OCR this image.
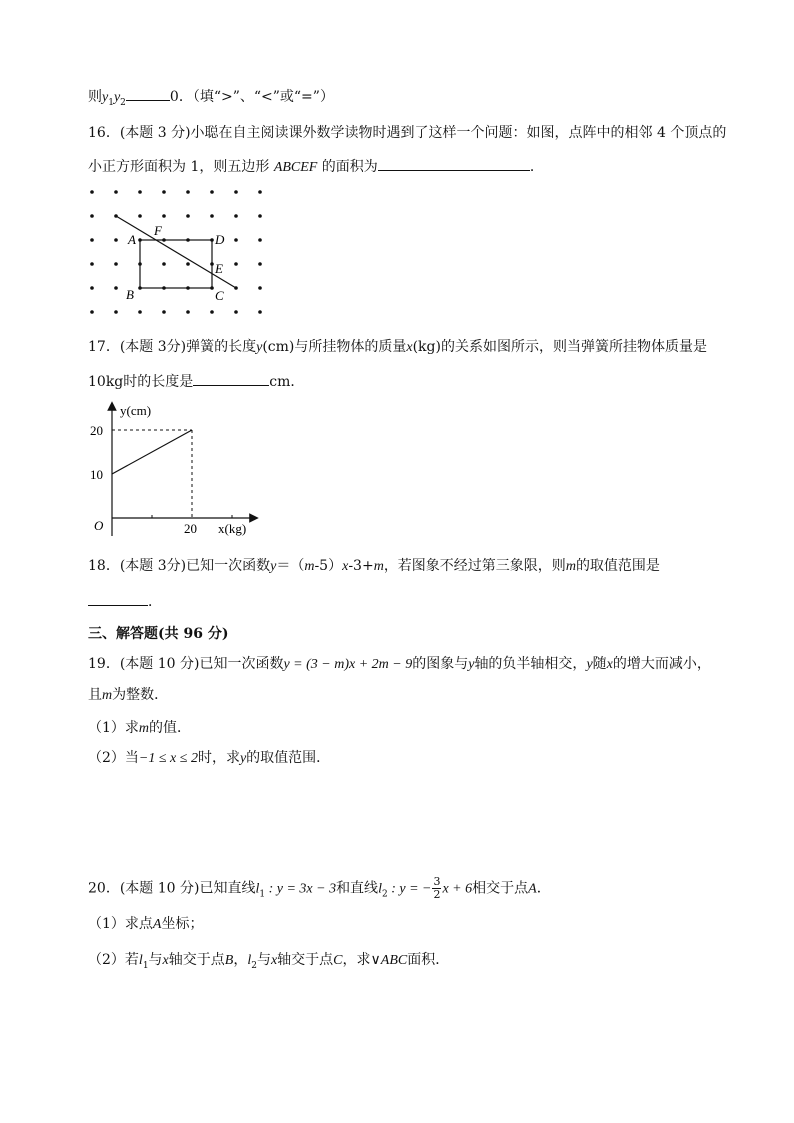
则$y_1y_2$	0．（填“>”、“<”或“=”）
16．(本题 3 分)小聪在自主阅读课外数学读物时遇到了这样一个问题：如图，点阵中的相邻 4 个顶点的
小正方形面积为 1，则五边形 ABCEF 的面积为	．
A
F
D
E
B	C
17．(本题 3分)弹簧的长度y(cm)与所挂物体的质量x(kg)的关系如图所示，则当弹簧所挂物体质量是
10kg时的长度是	cm．
y(cm)
x(kg)
O
20
10
20
18．(本题 3分)已知一次函数y＝（m-5）x-3+m，若图象不经过第三象限，则m的取值范围是
．
三、解答题(共 96 分)
19．(本题 10 分)已知一次函数y = (3 − m)x + 2m − 9的图象与y轴的负半轴相交，y随x的增大而减小，
且m为整数．
（1）求m的值．
（2）当−1 ≤ x ≤ 2时，求y的取值范围．
20．(本题 10 分)已知直线$l_1$ : y = 3x − 3和直线$l_2$ : y = − $\frac{3}{2}$ x + 6相交于点A．
（1）求点A坐标；
（2）若$l_1$与x轴交于点B，$l_2$与x轴交于点C，求∨ABC面积．
